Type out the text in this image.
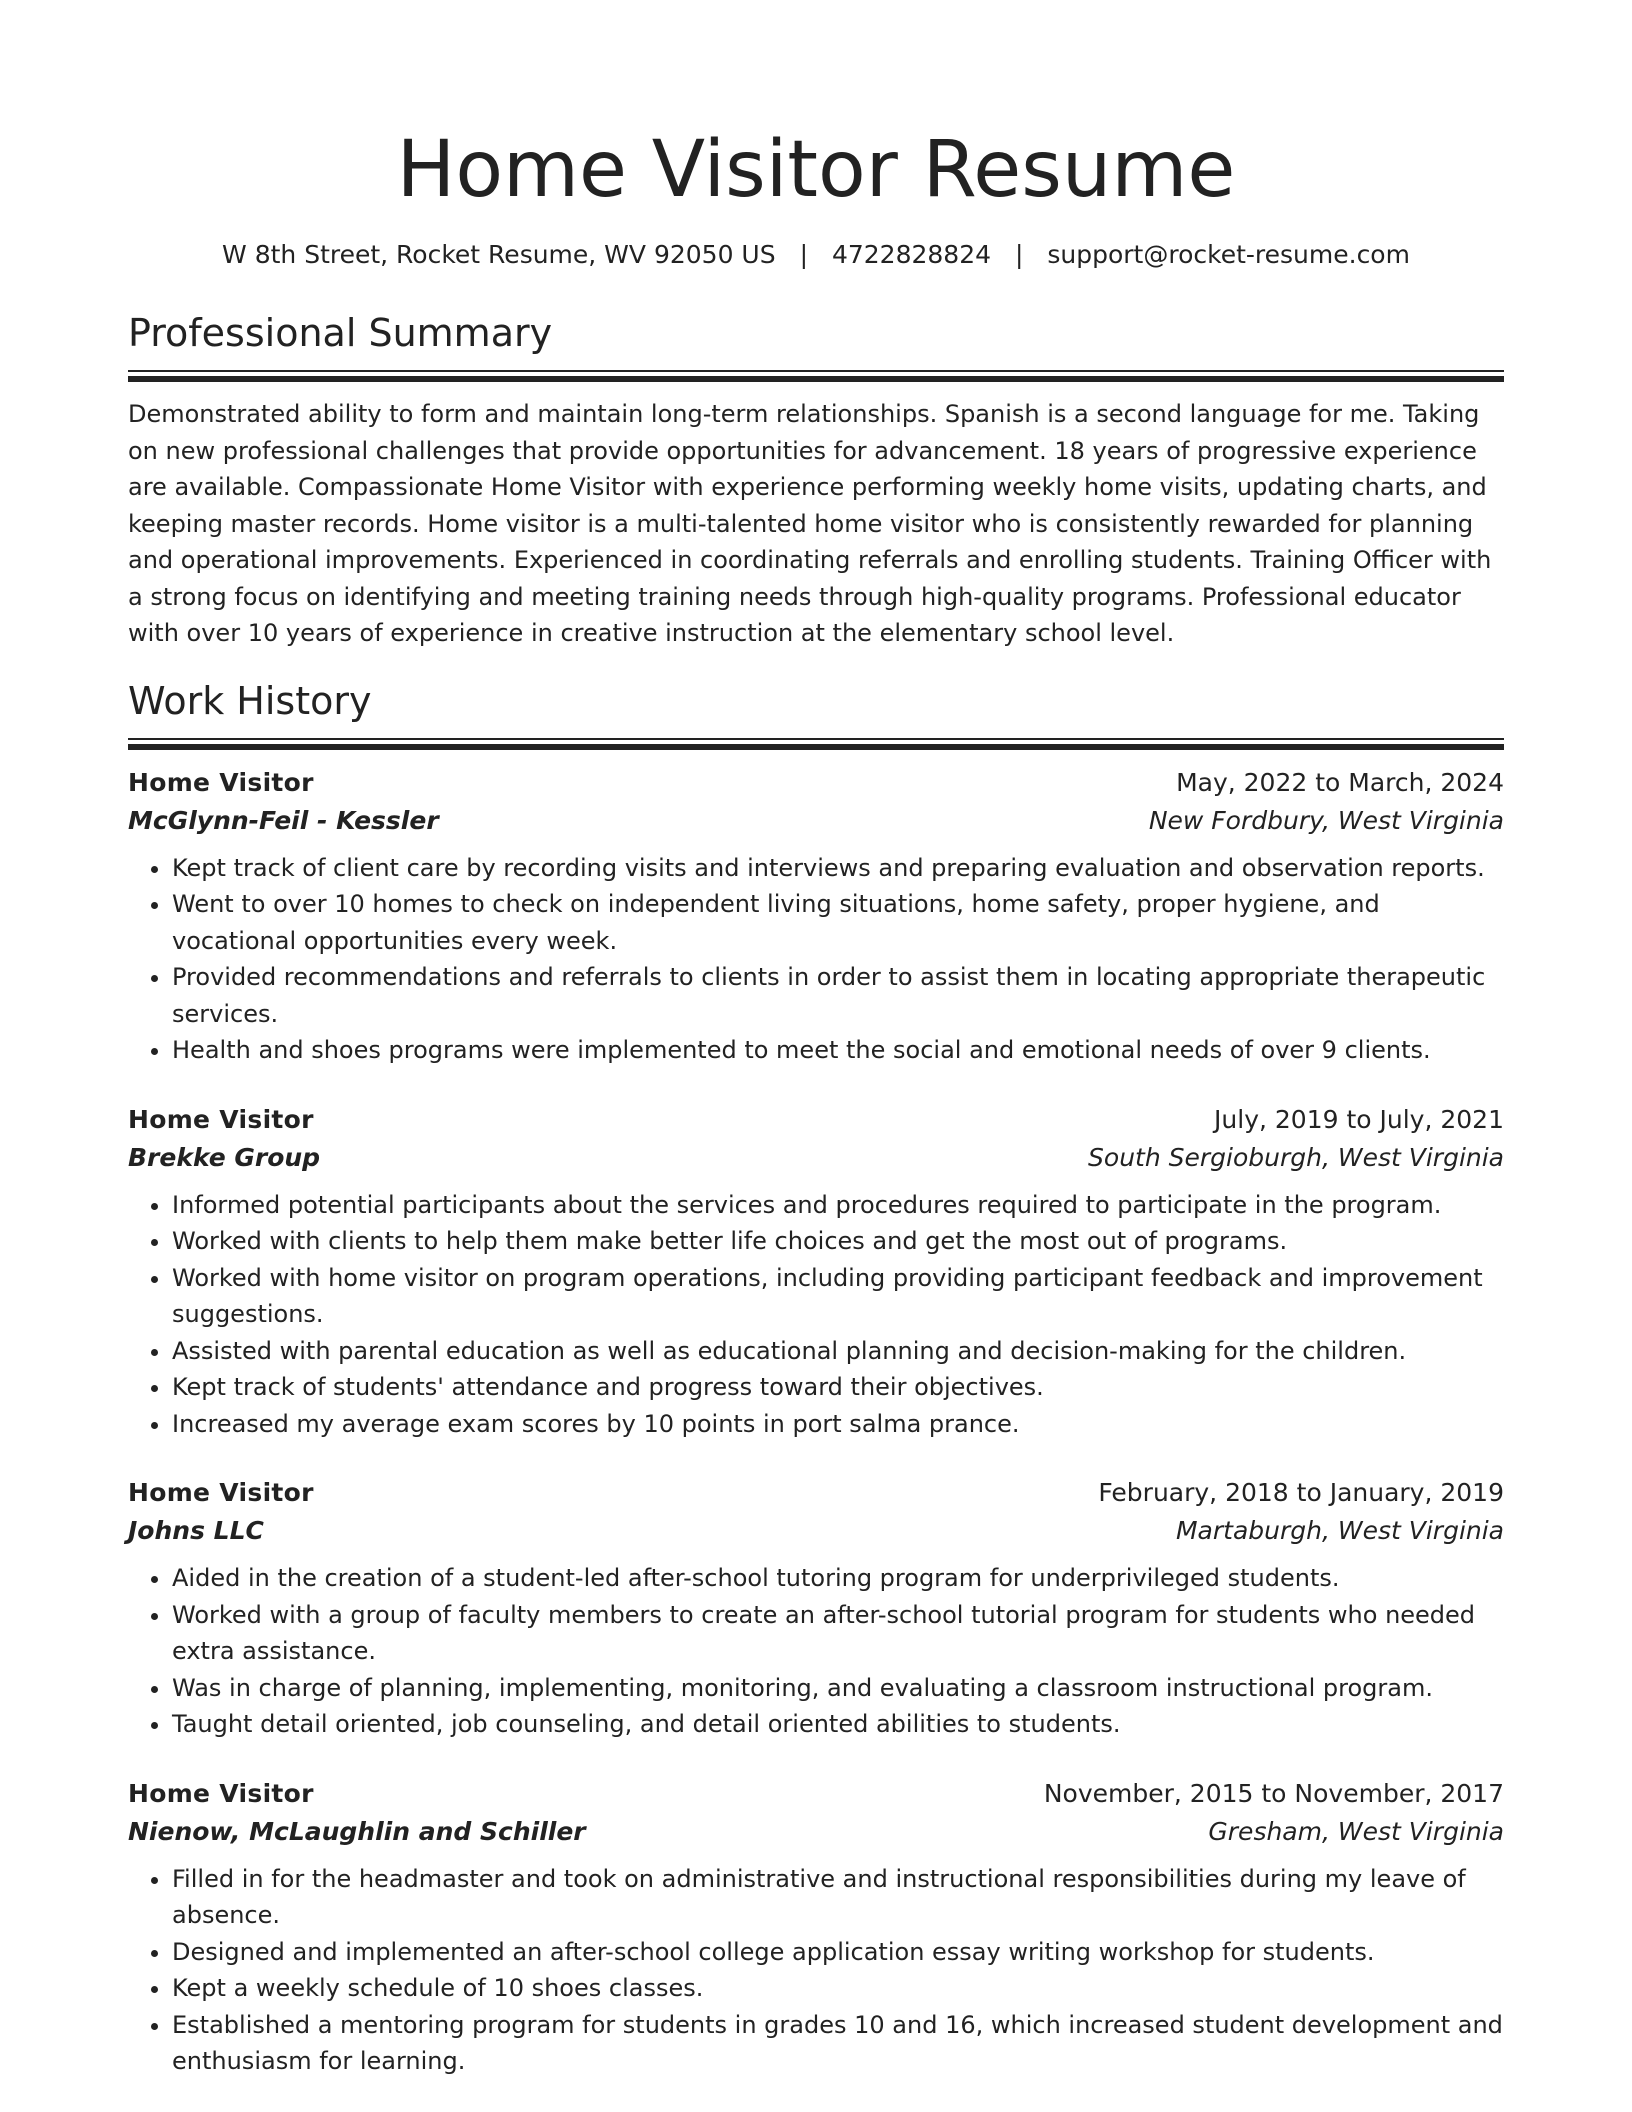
Home Visitor Resume
W 8th Street, Rocket Resume, WV 92050 US | 4722828824 | support@rocket-resume.com
Professional Summary

Demonstrated ability to form and maintain long-term relationships. Spanish is a second language for me. Taking on new professional challenges that provide opportunities for advancement. 18 years of progressive experience are available. Compassionate Home Visitor with experience performing weekly home visits, updating charts, and keeping master records. Home visitor is a multi-talented home visitor who is consistently rewarded for planning and operational improvements. Experienced in coordinating referrals and enrolling students. Training Officer with a strong focus on identifying and meeting training needs through high-quality programs. Professional educator with over 10 years of experience in creative instruction at the elementary school level.

Work History
Home Visitor	May, 2022 to March, 2024
McGlynn-Feil - Kessler	New Fordbury, West Virginia
• Kept track of client care by recording visits and interviews and preparing evaluation and observation reports.
• Went to over 10 homes to check on independent living situations, home safety, proper hygiene, and vocational opportunities every week.
• Provided recommendations and referrals to clients in order to assist them in locating appropriate therapeutic services.
• Health and shoes programs were implemented to meet the social and emotional needs of over 9 clients.
Home Visitor	July, 2019 to July, 2021
Brekke Group	South Sergioburgh, West Virginia
• Informed potential participants about the services and procedures required to participate in the program.
• Worked with clients to help them make better life choices and get the most out of programs.
• Worked with home visitor on program operations, including providing participant feedback and improvement suggestions.
• Assisted with parental education as well as educational planning and decision-making for the children.
• Kept track of students' attendance and progress toward their objectives.
• Increased my average exam scores by 10 points in port salma prance.
Home Visitor	February, 2018 to January, 2019
Johns LLC	Martaburgh, West Virginia
• Aided in the creation of a student-led after-school tutoring program for underprivileged students.
• Worked with a group of faculty members to create an after-school tutorial program for students who needed extra assistance.
• Was in charge of planning, implementing, monitoring, and evaluating a classroom instructional program.
• Taught detail oriented, job counseling, and detail oriented abilities to students.
Home Visitor	November, 2015 to November, 2017
Nienow, McLaughlin and Schiller	Gresham, West Virginia
• Filled in for the headmaster and took on administrative and instructional responsibilities during my leave of absence.
• Designed and implemented an after-school college application essay writing workshop for students.
• Kept a weekly schedule of 10 shoes classes.
• Established a mentoring program for students in grades 10 and 16, which increased student development and enthusiasm for learning.
